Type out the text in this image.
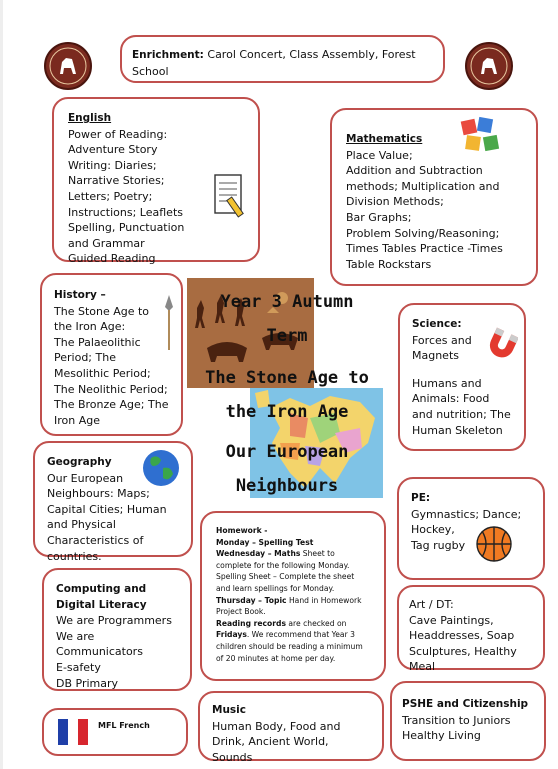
Enrichment: Carol Concert, Class Assembly, Forest School

English

Power of Reading: Adventure Story

Writing: Diaries; Narrative Stories; Letters; Poetry; Instructions; Leaflets

Spelling, Punctuation and Grammar

Guided Reading

Mathematics

Place Value;

Addition and Subtraction methods; Multiplication and Division Methods;

Bar Graphs;

Problem Solving/Reasoning;

Times Tables Practice -Times Table Rockstars

History –

The Stone Age to the Iron Age:

The Palaeolithic Period; The Mesolithic Period; The Neolithic Period; The Bronze Age; The Iron Age

Year 3 Autumn
Term
The Stone Age to
the Iron Age
Our European
Neighbours

Science:

Forces and Magnets

Humans and Animals: Food and nutrition; The Human Skeleton

Geography

Our European Neighbours: Maps; Capital Cities; Human and Physical Characteristics of countries.

Homework -

Monday – Spelling Test

Wednesday – Maths Sheet to complete for the following Monday. Spelling Sheet – Complete the sheet and learn spellings for Monday.

Thursday – Topic Hand in Homework Project Book.

Reading records are checked on Fridays. We recommend that Year 3 children should be reading a minimum of 20 minutes at home per day.

PE:

Gymnastics; Dance;

Hockey,

Tag rugby

Computing and Digital Literacy

We are Programmers

We are Communicators

E-safety

DB Primary

Art / DT:

Cave Paintings, Headdresses, Soap Sculptures, Healthy Meal

MFL French

Music

Human Body, Food and Drink, Ancient World, Sounds

PSHE and Citizenship

Transition to Juniors

Healthy Living
